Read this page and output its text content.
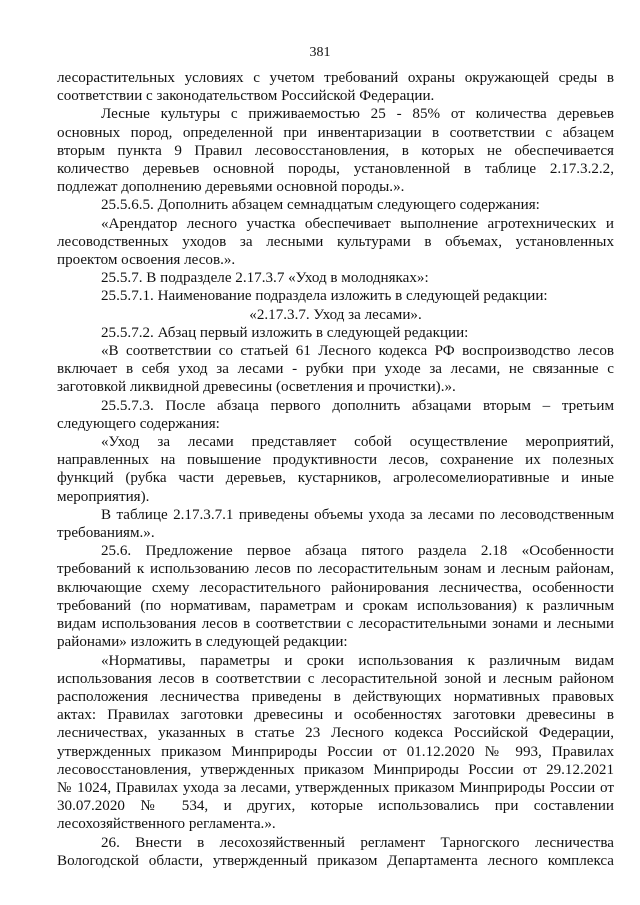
381

лесорастительных условиях с учетом требований охраны окружающей среды в

соответствии с законодательством Российской Федерации.

Лесные культуры с приживаемостью 25 - 85% от количества деревьев

основных пород, определенной при инвентаризации в соответствии с абзацем

вторым пункта 9 Правил лесовосстановления, в которых не обеспечивается

количество деревьев основной породы, установленной в таблице 2.17.3.2.2,

подлежат дополнению деревьями основной породы.».

25.5.6.5. Дополнить абзацем семнадцатым следующего содержания:

«Арендатор лесного участка обеспечивает выполнение агротехнических и

лесоводственных уходов за лесными культурами в объемах, установленных

проектом освоения лесов.».

25.5.7. В подразделе 2.17.3.7 «Уход в молодняках»:

25.5.7.1. Наименование подраздела изложить в следующей редакции:

«2.17.3.7. Уход за лесами».

25.5.7.2. Абзац первый изложить в следующей редакции:

«В соответствии со статьей 61 Лесного кодекса РФ воспроизводство лесов

включает в себя уход за лесами - рубки при уходе за лесами, не связанные с

заготовкой ликвидной древесины (осветления и прочистки).».

25.5.7.3. После абзаца первого дополнить абзацами вторым – третьим

следующего содержания:

«Уход за лесами представляет собой осуществление мероприятий,

направленных на повышение продуктивности лесов, сохранение их полезных

функций (рубка части деревьев, кустарников, агролесомелиоративные и иные

мероприятия).

В таблице 2.17.3.7.1 приведены объемы ухода за лесами по лесоводственным

требованиям.».

25.6. Предложение первое абзаца пятого раздела 2.18 «Особенности

требований к использованию лесов по лесорастительным зонам и лесным районам,

включающие схему лесорастительного районирования лесничества, особенности

требований (по нормативам, параметрам и срокам использования) к различным

видам использования лесов в соответствии с лесорастительными зонами и лесными

районами» изложить в следующей редакции:

«Нормативы, параметры и сроки использования к различным видам

использования лесов в соответствии с лесорастительной зоной и лесным районом

расположения лесничества приведены в действующих нормативных правовых

актах: Правилах заготовки древесины и особенностях заготовки древесины в

лесничествах, указанных в статье 23 Лесного кодекса Российской Федерации,

утвержденных приказом Минприроды России от 01.12.2020 № 993, Правилах

лесовосстановления, утвержденных приказом Минприроды России от 29.12.2021

№ 1024, Правилах ухода за лесами, утвержденных приказом Минприроды России от

30.07.2020 № 534, и других, которые использовались при составлении

лесохозяйственного регламента.».

26. Внести в лесохозяйственный регламент Тарногского лесничества

Вологодской области, утвержденный приказом Департамента лесного комплекса
